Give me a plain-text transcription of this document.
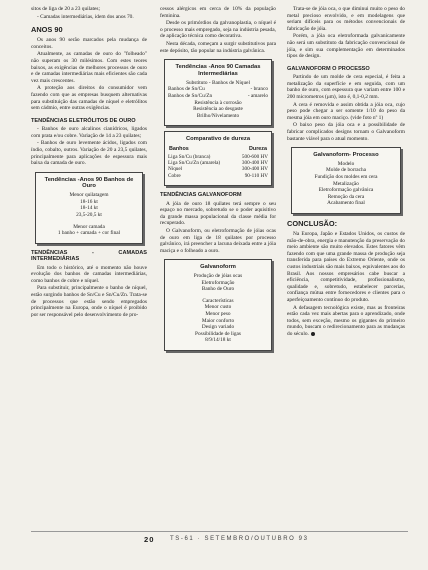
sitos de liga de 20 a 23 quilates;

- Camadas intermediárias, idem dos anos 70.

ANOS 90

Os anos 90 serão marcados pela mudança de conceitos.

Atualmente, as camadas de ouro do "folheado" não superam os 30 milésimos. Com estes teores baixos, as exigências de melhores processos de ouro e de camadas intermediárias mais eficientes são cada vez mais crescentes.

A proteção aos direitos do consumidor vem fazendo com que as empresas busquem alternativas para substituição das camadas de níquel e eletrólitos sem cádmio, entre outras exigências.

TENDÊNCIAS ELETRÓLITOS DE OURO

- Banhos de ouro alcalinos cianídricos, ligados com prata e/ou cobre. Variação de 14 a 23 quilates;

- Banhos de ouro levemente ácidos, ligados com índio, cobalto, outros. Variação de 20 a 23,5 quilates, principalmente para aplicações de espessura mais baixa da camada de ouro.

Tendências -Anos 90 Banhos de Ouro
Menor quilatagem
18-16 kt
18-14 kt
23,5-20,5 kt
Menor camada
1 banho + camada + cor final
TENDÊNCIAS - CAMADAS INTERMEDIÁRIAS

Em todo o histórico, até o momento não houve evolução dos banhos de camadas intermediárias, como banhos de cobre e níquel.

Para substituir, principalmente o banho de níquel, estão surgindo banhos de Sn/Cu e Sn/Cu/Zn. Trata-se de processos que estão sendo empregados principalmente na Europa, onde o níquel é proibido por ser responsável pelo desenvolvimento de pro-

cessos alérgicos em cerca de 10% da população feminina.

Desde os primórdios da galvanoplastia, o níquel é o processo mais empregado, seja na indústria pesada, de aplicação técnica como decorativa.

Nesta década, começam a surgir substitutivos para este depósito, tão popular na indústria galvânica.

Tendências -Anos 90 Camadas Intermediárias
Substituto - Banhos de Níquel
Banhos de Sn/Cu	- branco
Banhos de Sn/Cu/Zn	- amarelo
Resistência à corrosão
Resistência ao desgaste
Brilho/Nivelamento
Comparativo de dureza
Banhos	Dureza
Liga Sn/Cu (branca)	500-600 HV
Liga Sn/Cu/Zn (amarela)	300-400 HV
Níquel	300-400 HV
Cobre	90-110 HV
TENDÊNCIAS GALVANOFORM

A jóia de ouro 18 quilates terá sempre o seu espaço no mercado, sobretudo se o poder aquisitivo da grande massa populacional da classe média for recuperado.

O Galvanoform, ou eletroformação de jóias ocas de ouro em liga de 18 quilates por processo galvânico, irá preencher a lacuna deixada entre a jóia maciça e o folheado a ouro.

Galvanoform
Produção de jóias ocas
Eletroformação
Banho de Ouro
Características
Menor custo
Menor peso
Maior conforto
Design variado
Possibilidade de ligas
8/9/14/18 kt

Trata-se de jóia oca, o que diminui muito o peso do metal precioso envolvido, e em modelagens que seriam difíceis para os métodos convencionais de fabricação de jóia.

Porém, a jóia oca eletroformada galvanicamente não será um substituto da fabricação convencional de jóia, e sim sua complementação em determinados tipos de design.

GALVANOFORM O PROCESSO

Partindo de um molde de cera especial, é feita a metalização da superfície e em seguida, com um banho de ouro, com espessura que variam entre 100 e 200 micrometros (μm), isto é, 0,1-0,2 mm.

A cera é removida e assim obtida a jóia oca, cujo peso pode chegar a ser somente 1/10 do peso da mesma jóia em ouro maciço. (vide foto nº 1)

O baixo peso da jóia oca e a possibilidade de fabricar complicados designs tornam o Galvanoform bastante viável para o atual momento.

Galvanoform- Processo
Modelo
Molde de borracha
Fundição dos moldes em cera
Metalização
Eletroformação galvânica
Remoção da cera
Acabamento final
CONCLUSÃO:

Na Europa, Japão e Estados Unidos, os custos de mão-de-obra, energia e manutenção da preservação do meio ambiente são muito elevados. Estes fatores vêm fazendo com que uma grande massa de produção seja transferida para países do Extremo Oriente, onde os custos industriais são mais baixos, equivalentes aos do Brasil. Aos nossos empresários cabe buscar a eficiência, competitividade, profissionalismo, qualidade e, sobretudo, estabelecer parcerias, confiança mútua entre fornecedores e clientes para o aperfeiçoamento contínuo do produto.

A defasagem tecnológica existe, mas as fronteiras estão cada vez mais abertas para o aprendizado, onde todos, sem exceção, mesmo os gigantes do primeiro mundo, buscam o redirecionamento para as mudanças do século.

20	TS-61 · SETEMBRO/OUTUBRO 93
